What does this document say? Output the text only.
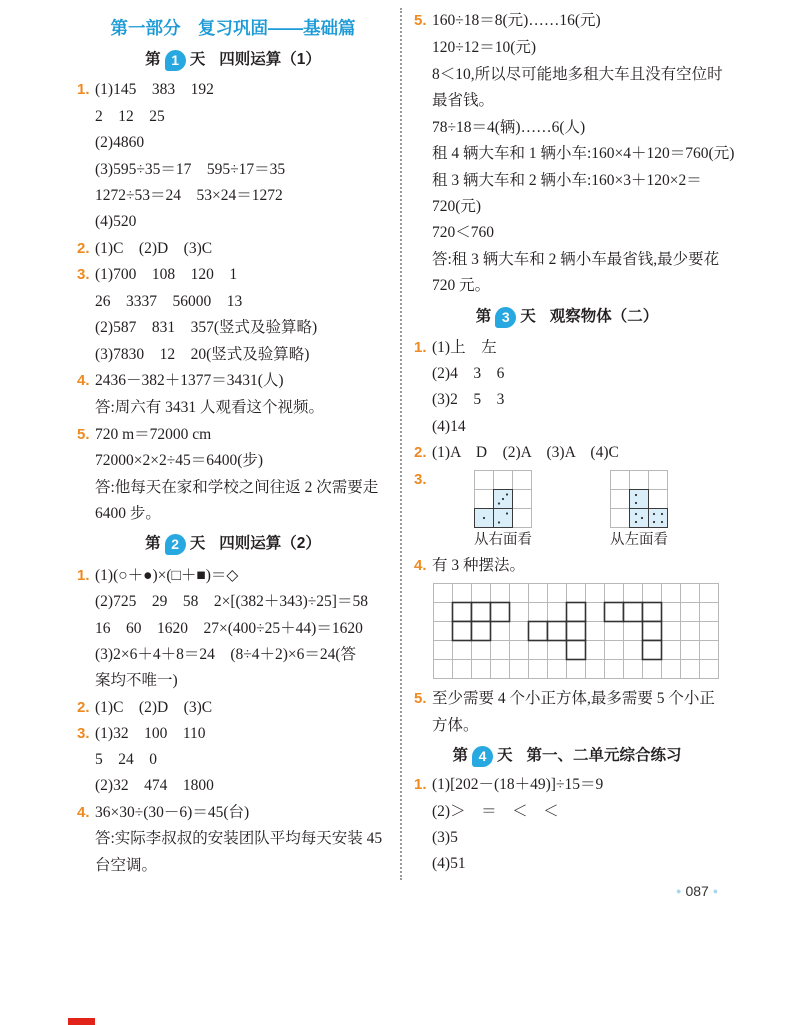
第一部分　复习巩固——基础篇
第 1 天 四则运算（1）
1. (1)145　383　192
2　12　25
(2)4860
(3)595÷35＝17　595÷17＝35
1272÷53＝24　53×24＝1272
(4)520
2. (1)C　(2)D　(3)C
3. (1)700　108　120　1
26　3337　56000　13
(2)587　831　357(竖式及验算略)
(3)7830　12　20(竖式及验算略)
4. 2436－382＋1377＝3431(人)
答:周六有 3431 人观看这个视频。
5. 720 m＝72000 cm
72000×2×2÷45＝6400(步)
答:他每天在家和学校之间往返 2 次需要走
6400 步。
第 2 天 四则运算（2）
1. (1)(○＋●)×(□＋■)＝◇
(2)725　29　58　2×[(382＋343)÷25]＝58
16　60　1620　27×(400÷25＋44)＝1620
(3)2×6＋4＋8＝24　(8÷4＋2)×6＝24(答
案均不唯一)
2. (1)C　(2)D　(3)C
3. (1)32　100　110
5　24　0
(2)32　474　1800
4. 36×30÷(30－6)＝45(台)
答:实际李叔叔的安装团队平均每天安装 45
台空调。
5. 160÷18＝8(元)……16(元)
120÷12＝10(元)
8＜10,所以尽可能地多租大车且没有空位时
最省钱。
78÷18＝4(辆)……6(人)
租 4 辆大车和 1 辆小车:160×4＋120＝760(元)
租 3 辆大车和 2 辆小车:160×3＋120×2＝
720(元)
720＜760
答:租 3 辆大车和 2 辆小车最省钱,最少要花
720 元。
第 3 天 观察物体（二）
1. (1)上　左
(2)4　3　6
(3)2　5　3
(4)14
2. (1)A　D　(2)A　(3)A　(4)C
3.
从右面看	从左面看
4. 有 3 种摆法。
5. 至少需要 4 个小正方体,最多需要 5 个小正
方体。
第 4 天 第一、二单元综合练习
1. (1)[202－(18＋49)]÷15＝9
(2)＞　＝　＜　＜
(3)5
(4)51
● 087 ●
